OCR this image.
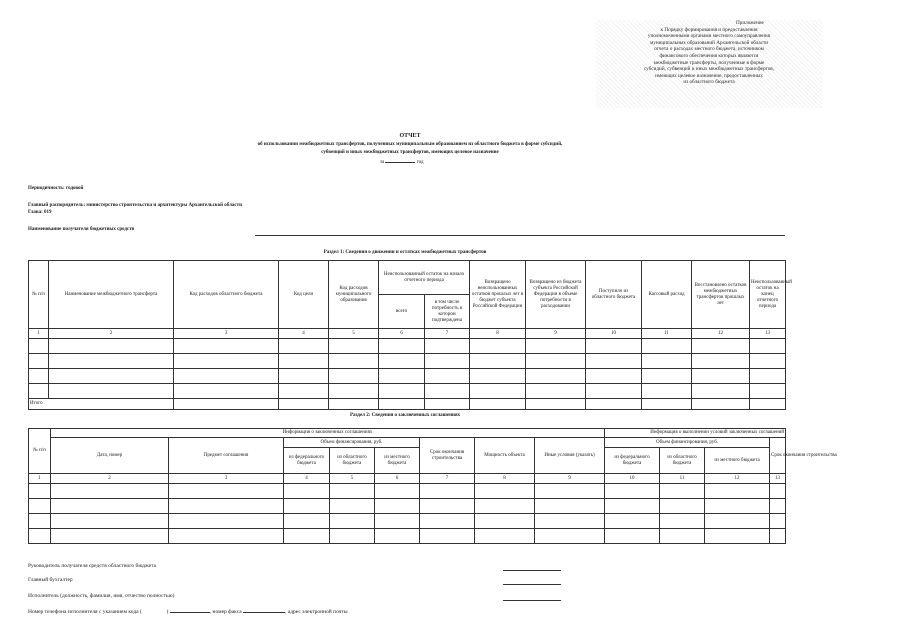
Приложение
к Порядку формирования и предоставления
уполномоченными органами местного самоуправления
муниципальных образований Архангельской области
отчета о расходах местного бюджета, источником
финансового обеспечения которых являются
межбюджетные трансферты, полученные в форме
субсидий, субвенций и иных межбюджетных трансфертов,
имеющих целевое назначение, предоставленных
из областного бюджета
ОТЧЕТ
об использовании межбюджетных трансфертов, полученных муниципальным образованием из областного бюджета в форме субсидий,
субвенций и иных межбюджетных трансфертов, имеющих целевое назначение
за	год
Периодичность: годовой
Главный распорядитель: министерство строительства и архитектуры Архангельской области
Глава: 019
Наименование получателя бюджетных средств
Раздел 1: Сведения о движении и остатках межбюджетных трансфертов
№ п/п	Наименование межбюджетного трансферта	Код расходов областного бюджета	Код цели	Код расходов муниципального образования	Неиспользованный остаток на начало отчетного периода		Возвращено неиспользованных остатков прошлых лет в бюджет субъекта Российской Федерации	Возвращено из бюджета субъекта Российской Федерации в объеме потребности в расходовании	Поступило из областного бюджета	Кассовый расход	Восстановлено остатков межбюджетных трансфертов прошлых лет	Неиспользованный остаток на конец отчетного периода
					всего	в том числе потребность в котором подтверждена						
1	2	3	4	5	6	7	8	9	10	11	12	13

Итого												
Раздел 2: Сведения о заключенных соглашениях
№ п/п	Информация о заключенных соглашениях								Информация о выполнении условий заключенных соглашений			
	Дата, номер	Предмет соглашения	Объем финансирования, руб.			Срок окончания строительства	Мощность объекта	Иные условия (указать)	Объем финансирования, руб.			Срок окончания строительства
			из федерального бюджета	из областного бюджета	из местного бюджета				из федерального бюджета	из областного бюджета	из местного бюджета	
1	2	3	4	5	6	7	8	9	10	11	12	13

Руководитель получателя средств областного бюджета
Главный бухгалтер
Исполнитель (должность, фамилия, имя, отчество полностью)
Номер телефона исполнителя с указанием кода (	)	, номер факса	, адрес электронной почты
